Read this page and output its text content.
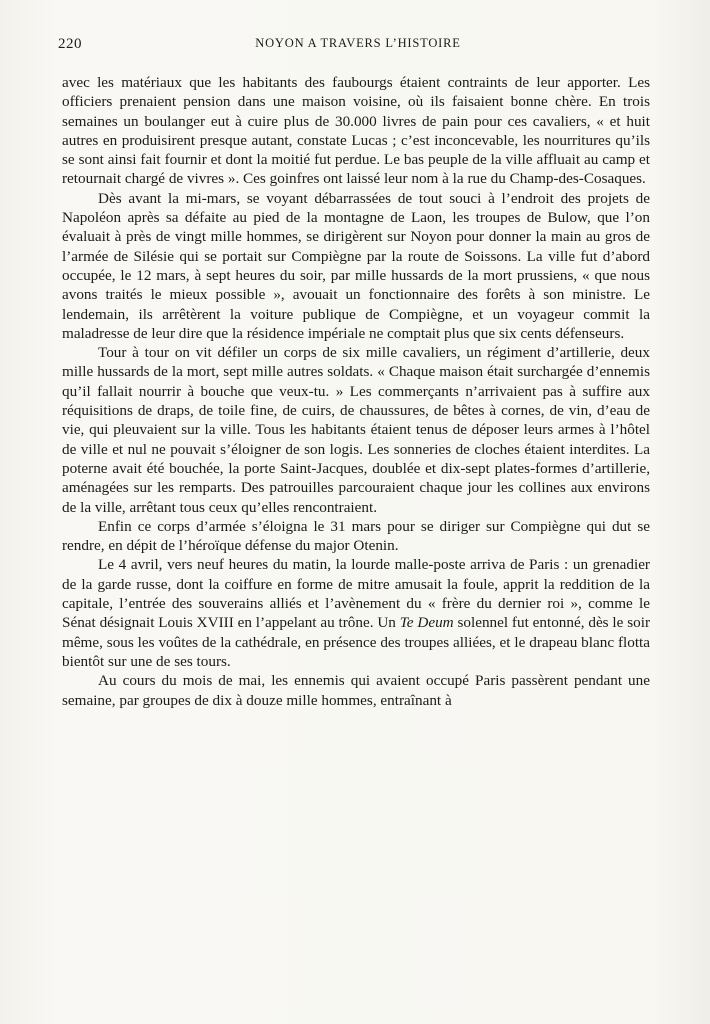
220	NOYON A TRAVERS L’HISTOIRE

avec les matériaux que les habitants des faubourgs étaient contraints de leur apporter. Les officiers prenaient pension dans une maison voisine, où ils faisaient bonne chère. En trois semaines un boulanger eut à cuire plus de 30.000 livres de pain pour ces cavaliers, « et huit autres en produisirent presque autant, constate Lucas ; c’est inconcevable, les nourritures qu’ils se sont ainsi fait fournir et dont la moitié fut perdue. Le bas peuple de la ville affluait au camp et retournait chargé de vivres ». Ces goinfres ont laissé leur nom à la rue du Champ-des-Cosaques.

Dès avant la mi-mars, se voyant débarrassées de tout souci à l’endroit des projets de Napoléon après sa défaite au pied de la montagne de Laon, les troupes de Bulow, que l’on évaluait à près de vingt mille hommes, se dirigèrent sur Noyon pour donner la main au gros de l’armée de Silésie qui se portait sur Compiègne par la route de Soissons. La ville fut d’abord occupée, le 12 mars, à sept heures du soir, par mille hussards de la mort prussiens, « que nous avons traités le mieux possible », avouait un fonctionnaire des forêts à son ministre. Le lendemain, ils arrêtèrent la voiture publique de Compiègne, et un voyageur commit la maladresse de leur dire que la résidence impériale ne comptait plus que six cents défenseurs.

Tour à tour on vit défiler un corps de six mille cavaliers, un régiment d’artillerie, deux mille hussards de la mort, sept mille autres soldats. « Chaque maison était surchargée d’ennemis qu’il fallait nourrir à bouche que veux-tu. » Les commerçants n’arrivaient pas à suffire aux réquisitions de draps, de toile fine, de cuirs, de chaussures, de bêtes à cornes, de vin, d’eau de vie, qui pleuvaient sur la ville. Tous les habitants étaient tenus de déposer leurs armes à l’hôtel de ville et nul ne pouvait s’éloigner de son logis. Les sonneries de cloches étaient interdites. La poterne avait été bouchée, la porte Saint-Jacques, doublée et dix-sept plates-formes d’artillerie, aménagées sur les remparts. Des patrouilles parcouraient chaque jour les collines aux environs de la ville, arrêtant tous ceux qu’elles rencontraient.

Enfin ce corps d’armée s’éloigna le 31 mars pour se diriger sur Compiègne qui dut se rendre, en dépit de l’héroïque défense du major Otenin.

Le 4 avril, vers neuf heures du matin, la lourde malle-poste arriva de Paris : un grenadier de la garde russe, dont la coiffure en forme de mitre amusait la foule, apprit la reddition de la capitale, l’entrée des souverains alliés et l’avènement du « frère du dernier roi », comme le Sénat désignait Louis XVIII en l’appelant au trône. Un Te Deum solennel fut entonné, dès le soir même, sous les voûtes de la cathédrale, en présence des troupes alliées, et le drapeau blanc flotta bientôt sur une de ses tours.

Au cours du mois de mai, les ennemis qui avaient occupé Paris passèrent pendant une semaine, par groupes de dix à douze mille hommes, entraînant à
